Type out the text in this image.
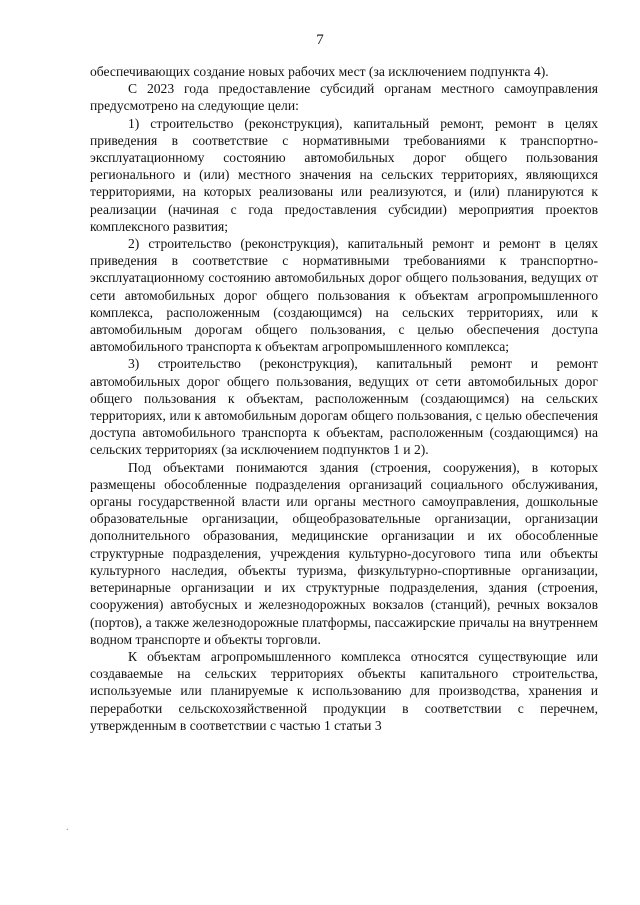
7

обеспечивающих создание новых рабочих мест (за исключением подпункта 4).

С 2023 года предоставление субсидий органам местного самоуправления предусмотрено на следующие цели:

1) строительство (реконструкция), капитальный ремонт, ремонт в целях приведения в соответствие с нормативными требованиями к транспортно-эксплуатационному состоянию автомобильных дорог общего пользования регионального и (или) местного значения на сельских территориях, являющихся территориями, на которых реализованы или реализуются, и (или) планируются к реализации (начиная с года предоставления субсидии) мероприятия проектов комплексного развития;

2) строительство (реконструкция), капитальный ремонт и ремонт в целях приведения в соответствие с нормативными требованиями к транспортно-эксплуатационному состоянию автомобильных дорог общего пользования, ведущих от сети автомобильных дорог общего пользования к объектам агропромышленного комплекса, расположенным (создающимся) на сельских территориях, или к автомобильным дорогам общего пользования, с целью обеспечения доступа автомобильного транспорта к объектам агропромышленного комплекса;

3) строительство (реконструкция), капитальный ремонт и ремонт автомобильных дорог общего пользования, ведущих от сети автомобильных дорог общего пользования к объектам, расположенным (создающимся) на сельских территориях, или к автомобильным дорогам общего пользования, с целью обеспечения доступа автомобильного транспорта к объектам, расположенным (создающимся) на сельских территориях (за исключением подпунктов 1 и 2).

Под объектами понимаются здания (строения, сооружения), в которых размещены обособленные подразделения организаций социального обслуживания, органы государственной власти или органы местного самоуправления, дошкольные образовательные организации, общеобразовательные организации, организации дополнительного образования, медицинские организации и их обособленные структурные подразделения, учреждения культурно-досугового типа или объекты культурного наследия, объекты туризма, физкультурно-спортивные организации, ветеринарные организации и их структурные подразделения, здания (строения, сооружения) автобусных и железнодорожных вокзалов (станций), речных вокзалов (портов), а также железнодорожные платформы, пассажирские причалы на внутреннем водном транспорте и объекты торговли.

К объектам агропромышленного комплекса относятся существующие или создаваемые на сельских территориях объекты капитального строительства, используемые или планируемые к использованию для производства, хранения и переработки сельскохозяйственной продукции в соответствии с перечнем, утвержденным в соответствии с частью 1 статьи 3

.
